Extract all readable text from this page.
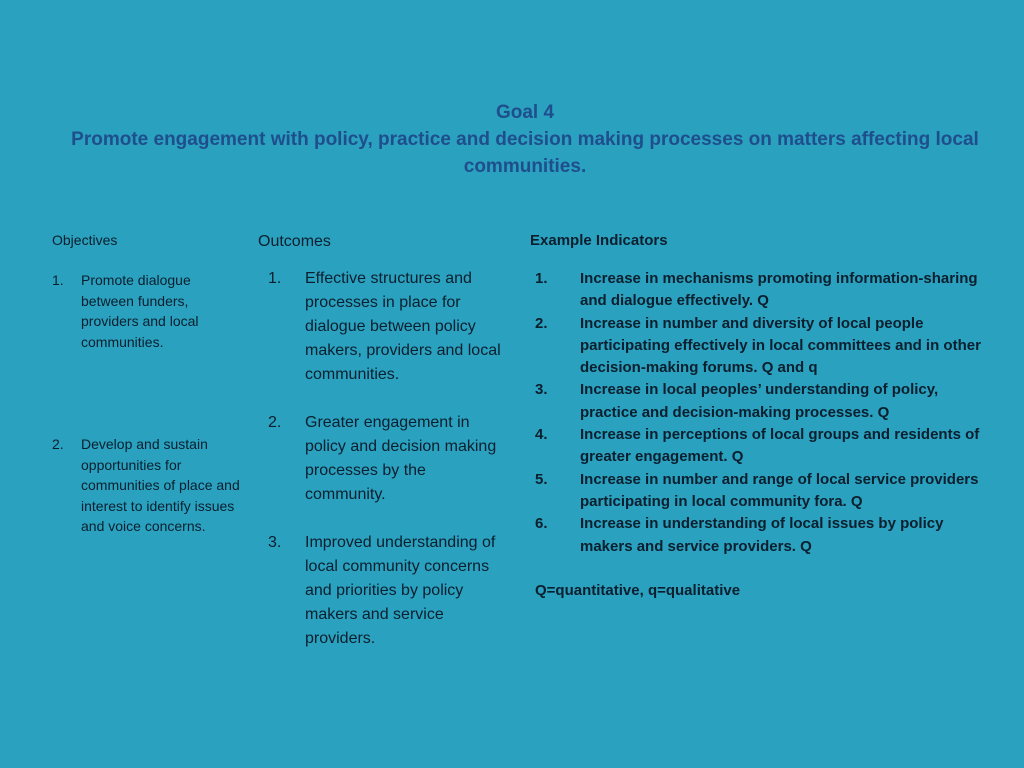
Goal 4
Promote engagement with policy, practice and decision making processes on matters affecting local communities.
Objectives
1. Promote dialogue between funders, providers and local communities.
2. Develop and sustain opportunities for communities of place and interest to identify issues and voice concerns.
Outcomes
1. Effective structures and processes in place for dialogue between policy makers, providers and local communities.
2. Greater engagement in policy and decision making processes by the community.
3. Improved understanding of local community concerns and priorities by policy makers and service providers.
Example Indicators
1. Increase in mechanisms promoting information-sharing and dialogue effectively. Q
2. Increase in number and diversity of local people participating effectively in local committees and in other decision-making forums. Q and q
3. Increase in local peoples’ understanding of policy, practice and decision-making processes. Q
4. Increase in perceptions of local groups and residents of greater engagement. Q
5. Increase in number and range of local service providers participating in local community fora. Q
6. Increase in understanding of local issues by policy makers and service providers. Q
Q=quantitative, q=qualitative
